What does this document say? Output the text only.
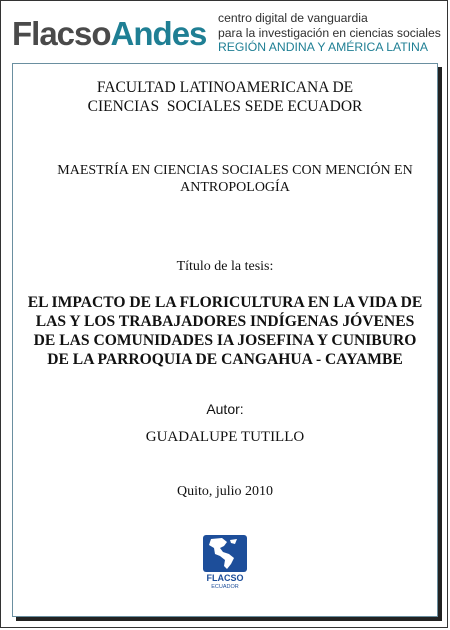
FlacsoAndes centro digital de vanguardia
para la investigación en ciencias sociales
REGIÓN ANDINA Y AMÉRICA LATINA
FACULTAD LATINOAMERICANA DE
CIENCIAS  SOCIALES SEDE ECUADOR
MAESTRÍA EN CIENCIAS SOCIALES CON MENCIÓN EN
ANTROPOLOGÍA
Título de la tesis:
EL IMPACTO DE LA FLORICULTURA EN LA VIDA DE
LAS Y LOS TRABAJADORES INDÍGENAS JÓVENES
DE LAS COMUNIDADES IA JOSEFINA Y CUNIBURO
DE LA PARROQUIA DE CANGAHUA - CAYAMBE
Autor:
GUADALUPE TUTILLO
Quito, julio 2010
FLACSO
ECUADOR
